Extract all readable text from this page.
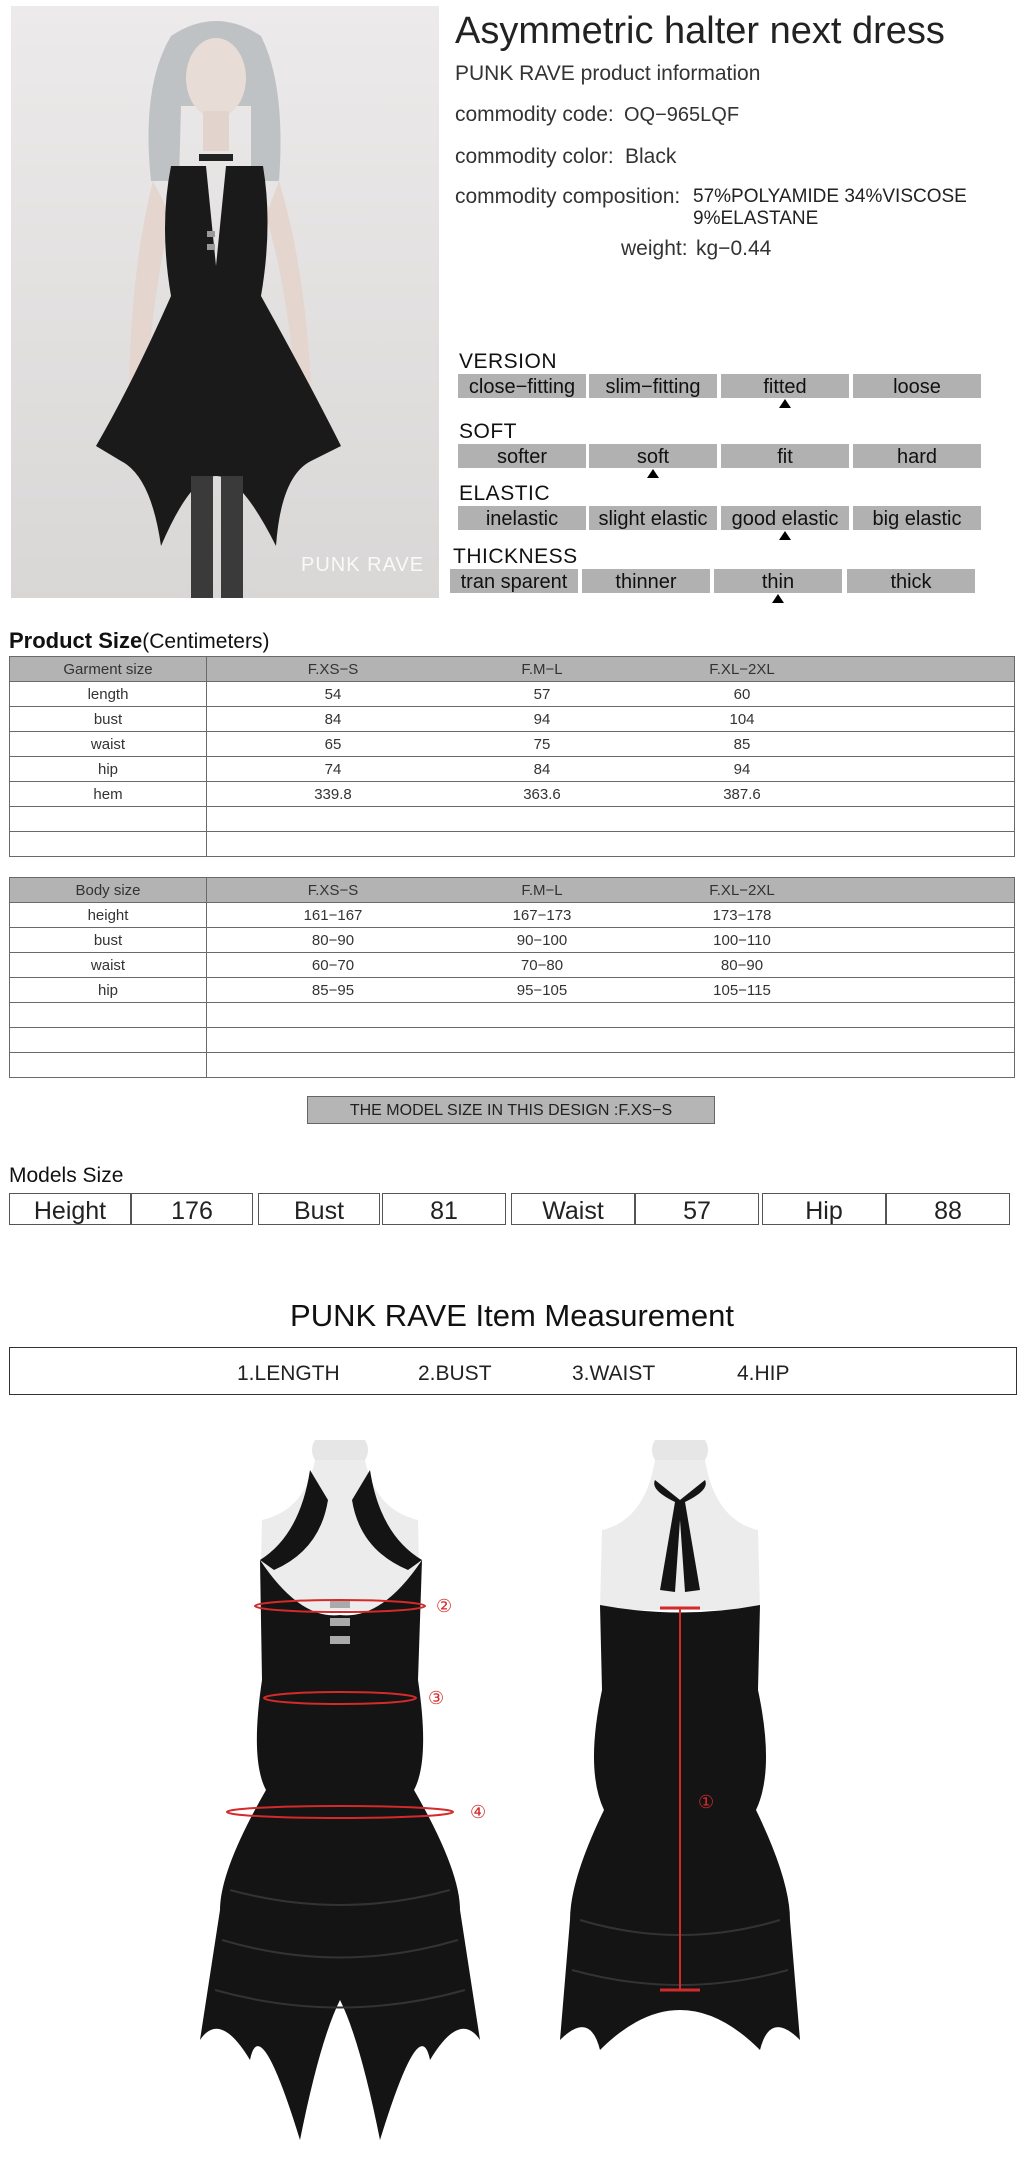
PUNK RAVE
Asymmetric halter next dress
PUNK RAVE product information
commodity code: OQ−965LQF
commodity color: Black
commodity composition: 57%POLYAMIDE 34%VISCOSE
9%ELASTANE
weight: kg−0.44
VERSION
close−fitting	slim−fitting	fitted	loose
SOFT
softer	soft	fit	hard
ELASTIC
inelastic	slight elastic	good elastic	big elastic
THICKNESS
tran sparent	thinner	thin	thick
Product Size(Centimeters)
Garment size	F.XS−S F.M−L F.XL−2XL

length	54 57 60

bust	84 94 104

waist	65 75 85

hip	74 84 94

hem	339.8 363.6 387.6

Body size	F.XS−S F.M−L F.XL−2XL

height	161−167 167−173 173−178

bust	80−90 90−100 100−110

waist	60−70 70−80 80−90

hip	85−95 95−105 105−115

THE MODEL SIZE IN THIS DESIGN :F.XS−S
Models Size
Height	176	Bust	81	Waist	57	Hip	88
PUNK RAVE Item Measurement
1.LENGTH	2.BUST	3.WAIST	4.HIP
②
③
④	①
